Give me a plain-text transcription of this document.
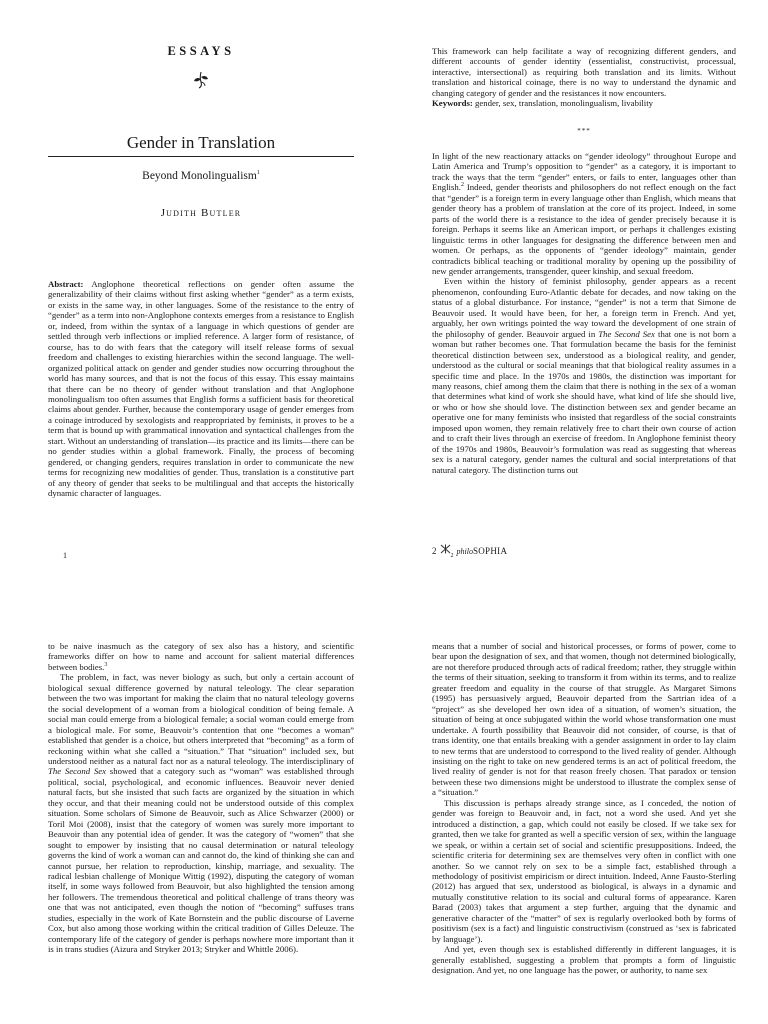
ESSAYS
Gender in Translation
Beyond Monolingualism$^1$
Judith Butler

Abstract: Anglophone theoretical reflections on gender often assume the generalizability of their claims without first asking whether “gender” as a term exists, or exists in the same way, in other languages. Some of the resistance to the entry of “gender” as a term into non-Anglophone contexts emerges from a resistance to English or, indeed, from within the syntax of a language in which questions of gender are settled through verb inflections or implied reference. A larger form of resistance, of course, has to do with fears that the category will itself release forms of sexual freedom and challenges to existing hierarchies within the second language. The well-organized political attack on gender and gender studies now occurring throughout the world has many sources, and that is not the focus of this essay. This essay maintains that there can be no theory of gender without translation and that Anglophone monolingualism too often assumes that English forms a sufficient basis for theoretical claims about gender. Further, because the contemporary usage of gender emerges from a coinage introduced by sexologists and reappropriated by feminists, it proves to be a term that is bound up with grammatical innovation and syntactical challenges from the start. Without an understanding of translation—its practice and its limits—there can be no gender studies within a global framework. Finally, the process of becoming gendered, or changing genders, requires translation in order to communicate the new terms for recognizing new modalities of gender. Thus, translation is a constitutive part of any theory of gender that seeks to be multilingual and that accepts the historically dynamic character of languages.

1

This framework can help facilitate a way of recognizing different genders, and different accounts of gender identity (essentialist, constructivist, processual, interactive, intersectional) as requiring both translation and its limits. Without translation and historical coinage, there is no way to understand the dynamic and changing category of gender and the resistances it now encounters.

Keywords: gender, sex, translation, monolingualism, livability

***

In light of the new reactionary attacks on “gender ideology” throughout Europe and Latin America and Trump’s opposition to “gender” as a category, it is important to track the ways that the term “gender” enters, or fails to enter, languages other than English.$^2$ Indeed, gender theorists and philosophers do not reflect enough on the fact that “gender” is a foreign term in every language other than English, which means that gender theory has a problem of translation at the core of its project. Indeed, in some parts of the world there is a resistance to the idea of gender precisely because it is foreign. Perhaps it seems like an American import, or perhaps it challenges existing linguistic terms in other languages for designating the difference between men and women. Or perhaps, as the opponents of “gender ideology” maintain, gender contradicts biblical teaching or traditional morality by opening up the possibility of new gender arrangements, transgender, queer kinship, and sexual freedom.

Even within the history of feminist philosophy, gender appears as a recent phenomenon, confounding Euro-Atlantic debate for decades, and now taking on the status of a global disturbance. For instance, “gender” is not a term that Simone de Beauvoir used. It would have been, for her, a foreign term in French. And yet, arguably, her own writings pointed the way toward the development of one strain of the philosophy of gender. Beauvoir argued in The Second Sex that one is not born a woman but rather becomes one. That formulation became the basis for the feminist theoretical distinction between sex, understood as a biological reality, and gender, understood as the cultural or social meanings that that biological reality assumes in a specific time and place. In the 1970s and 1980s, the distinction was important for many reasons, chief among them the claim that there is nothing in the sex of a woman that determines what kind of work she should have, what kind of life she should live, or who or how she should love. The distinction between sex and gender became an operative one for many feminists who insisted that regardless of the social constraints imposed upon women, they remain relatively free to chart their own course of action and to craft their lives through an exercise of freedom. In Anglophone feminist theory of the 1970s and 1980s, Beauvoir’s formulation was read as suggesting that whereas sex is a natural category, gender names the cultural and social interpretations of that natural category. The distinction turns out

2	$_2$ philoSOPHIA

to be naive inasmuch as the category of sex also has a history, and scientific frameworks differ on how to name and account for salient material differences between bodies.$^3$

The problem, in fact, was never biology as such, but only a certain account of biological sexual difference governed by natural teleology. The clear separation between the two was important for making the claim that no natural teleology governs the social development of a woman from a biological condition of being female. A social man could emerge from a biological female; a social woman could emerge from a biological male. For some, Beauvoir’s contention that one “becomes a woman” established that gender is a choice, but others interpreted that “becoming” as a form of reckoning within what she called a “situation.” That “situation” included sex, but understood neither as a natural fact nor as a natural teleology. The interdisciplinary of The Second Sex showed that a category such as “woman” was established through political, social, psychological, and economic influences. Beauvoir never denied natural facts, but she insisted that such facts are organized by the situation in which they occur, and that their meaning could not be understood outside of this complex situation. Some scholars of Simone de Beauvoir, such as Alice Schwarzer (2000) or Toril Moi (2008), insist that the category of women was surely more important to Beauvoir than any potential idea of gender. It was the category of “women” that she sought to empower by insisting that no causal determination or natural teleology governs the kind of work a woman can and cannot do, the kind of thinking she can and cannot pursue, her relation to reproduction, kinship, marriage, and sexuality. The radical lesbian challenge of Monique Wittig (1992), disputing the category of woman itself, in some ways followed from Beauvoir, but also highlighted the tension among her followers. The tremendous theoretical and political challenge of trans theory was one that was not anticipated, even though the notion of “becoming” suffuses trans studies, especially in the work of Kate Bornstein and the public discourse of Laverne Cox, but also among those working within the critical tradition of Gilles Deleuze. The contemporary life of the category of gender is perhaps nowhere more important than it is in trans studies (Aizura and Stryker 2013; Stryker and Whittle 2006).

means that a number of social and historical processes, or forms of power, come to bear upon the designation of sex, and that women, though not determined biologically, are not therefore produced through acts of radical freedom; rather, they struggle within the terms of their situation, seeking to transform it from within its terms, and to realize greater freedom and equality in the course of that struggle. As Margaret Simons (1995) has persuasively argued, Beauvoir departed from the Sartrian idea of a “project” as she developed her own idea of a situation, of women’s situation, the situation of being at once subjugated within the world whose transformation one must undertake. A fourth possibility that Beauvoir did not consider, of course, is that of trans identity, one that entails breaking with a gender assignment in order to lay claim to new terms that are understood to correspond to the lived reality of gender. Although insisting on the right to take on new gendered terms is an act of political freedom, the lived reality of gender is not for that reason freely chosen. That paradox or tension between these two dimensions might be understood to illustrate the complex sense of a “situation.”

This discussion is perhaps already strange since, as I conceded, the notion of gender was foreign to Beauvoir and, in fact, not a word she used. And yet she introduced a distinction, a gap, which could not easily be closed. If we take sex for granted, then we take for granted as well a specific version of sex, within the language we speak, or within a certain set of social and scientific presuppositions. Indeed, the scientific criteria for determining sex are themselves very often in conflict with one another. So we cannot rely on sex to be a simple fact, established through a methodology of positivist empiricism or direct intuition. Indeed, Anne Fausto-Sterling (2012) has argued that sex, understood as biological, is always in a dynamic and mutually constitutive relation to its social and cultural forms of appearance. Karen Barad (2003) takes that argument a step further, arguing that the dynamic and generative character of the “matter” of sex is regularly overlooked both by forms of positivism (sex is a fact) and linguistic constructivism (construed as ‘sex is fabricated by language’).

And yet, even though sex is established differently in different languages, it is generally established, suggesting a problem that prompts a form of linguistic designation. And yet, no one language has the power, or authority, to name sex
